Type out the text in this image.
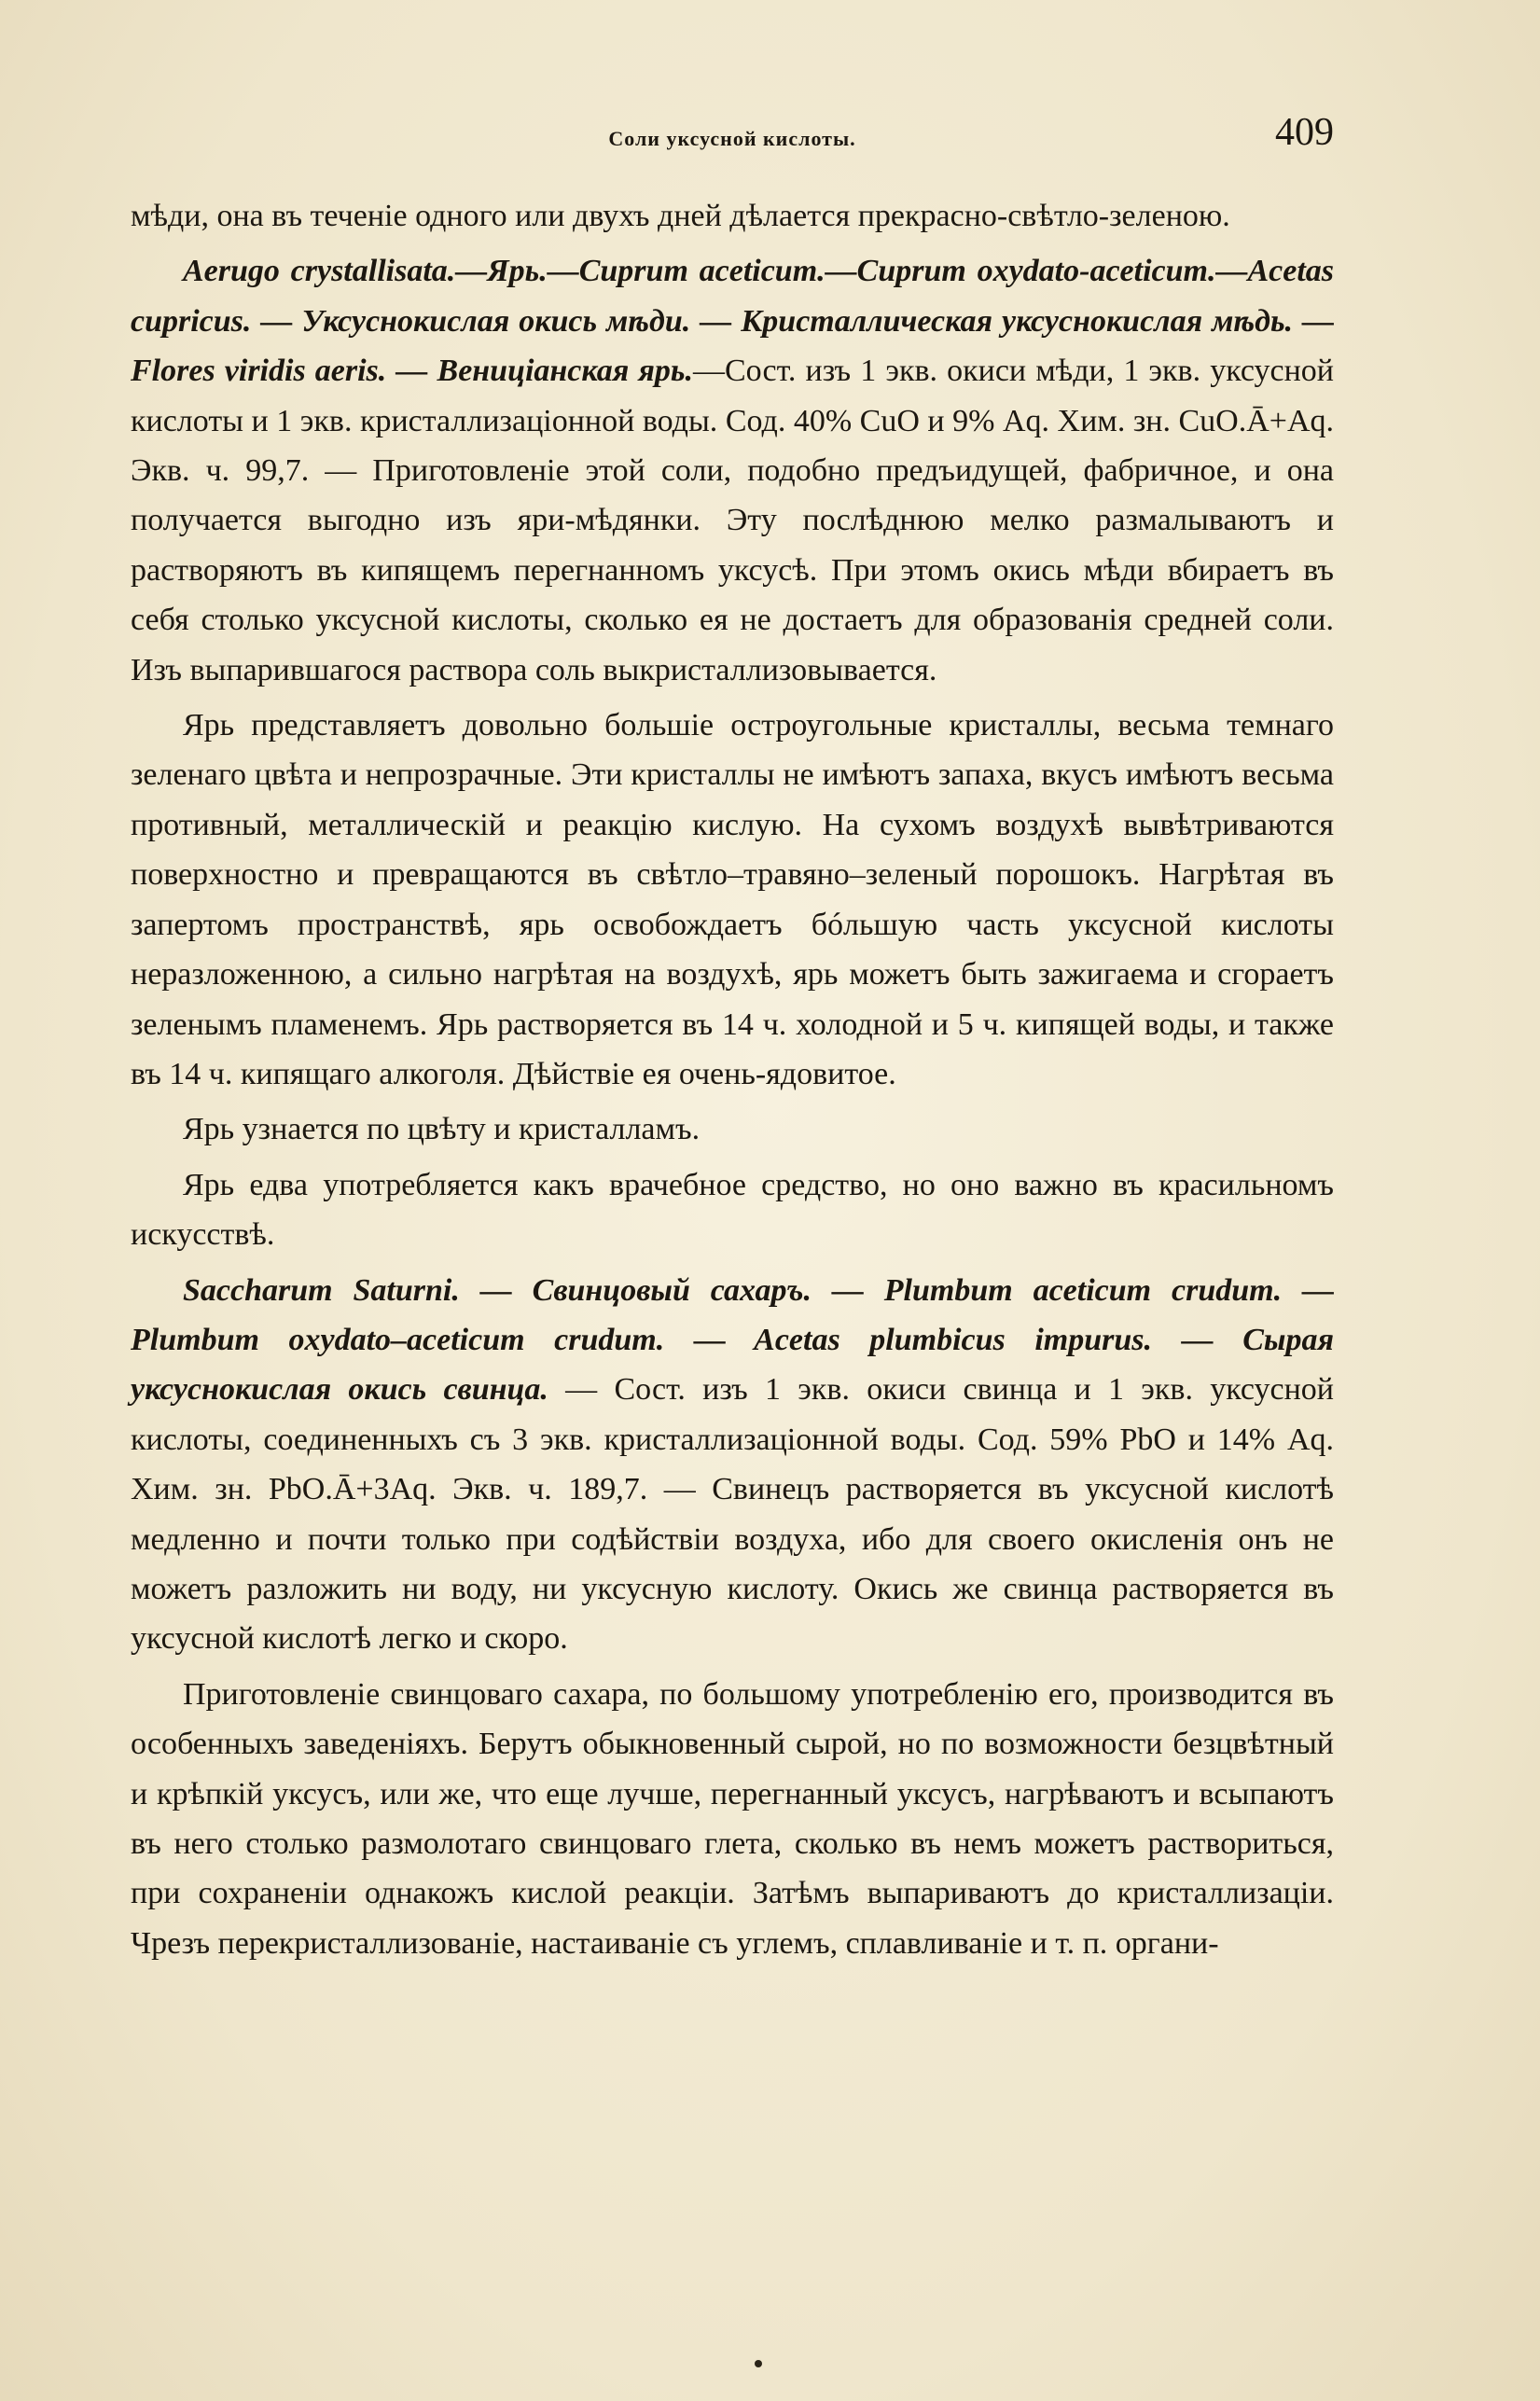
Соли уксусной кислоты.	409

мѣди, она въ теченіе одного или двухъ дней дѣлается прекрасно-свѣтло-зеленою.

Aerugo crystallisata.—Ярь.—Cuprum aceticum.—Cuprum oxydato-aceticum.—Acetas cupricus. — Уксуснокислая окись мѣди. — Кристаллическая уксуснокислая мѣдь. — Flores viridis aeris. — Веницiанская ярь.—Сост. изъ 1 экв. окиси мѣди, 1 экв. уксусной кислоты и 1 экв. кристаллизаціонной воды. Сод. 40% CuO и 9% Aq. Хим. зн. CuO.Ā+Aq. Экв. ч. 99,7. — Приготовленіе этой соли, подобно предъидущей, фабричное, и она получается выгодно изъ яри-мѣдянки. Эту послѣднюю мелко размалываютъ и растворяютъ въ кипящемъ перегнанномъ уксусѣ. При этомъ окись мѣди вбираетъ въ себя столько уксусной кислоты, сколько ея не достаетъ для образованія средней соли. Изъ выпарившагося раствора соль выкристаллизовывается.

Ярь представляетъ довольно большіе остроугольные кристаллы, весьма темнаго зеленаго цвѣта и непрозрачные. Эти кристаллы не имѣютъ запаха, вкусъ имѣютъ весьма противный, металлическій и реакцію кислую. На сухомъ воздухѣ вывѣтриваются поверхностно и превращаются въ свѣтло–травяно–зеленый порошокъ. Нагрѣтая въ запертомъ пространствѣ, ярь освобождаетъ бóльшую часть уксусной кислоты неразложенною, а сильно нагрѣтая на воздухѣ, ярь можетъ быть зажигаема и сгораетъ зеленымъ пламенемъ. Ярь растворяется въ 14 ч. холодной и 5 ч. кипящей воды, и также въ 14 ч. кипящаго алкоголя. Дѣйствіе ея очень-ядовитое.

Ярь узнается по цвѣту и кристалламъ.

Ярь едва употребляется какъ врачебное средство, но оно важно въ красильномъ искусствѣ.

Saccharum Saturni. — Свинцовый сахаръ. — Plumbum aceticum crudum. — Plumbum oxydato–aceticum crudum. — Acetas plumbicus impurus. — Сырая уксуснокислая окись свинца. — Сост. изъ 1 экв. окиси свинца и 1 экв. уксусной кислоты, соединенныхъ съ 3 экв. кристаллизаціонной воды. Сод. 59% PbO и 14% Aq. Хим. зн. PbO.Ā+3Aq. Экв. ч. 189,7. — Свинецъ растворяется въ уксусной кислотѣ медленно и почти только при содѣйствіи воздуха, ибо для своего окисленія онъ не можетъ разложить ни воду, ни уксусную кислоту. Окись же свинца растворяется въ уксусной кислотѣ легко и скоро.

Приготовленіе свинцоваго сахара, по большому употребленію его, производится въ особенныхъ заведеніяхъ. Берутъ обыкновенный сырой, но по возможности безцвѣтный и крѣпкій уксусъ, или же, что еще лучше, перегнанный уксусъ, нагрѣваютъ и всыпаютъ въ него столько размолотаго свинцоваго глета, сколько въ немъ можетъ раствориться, при сохраненіи однакожъ кислой реакціи. Затѣмъ выпариваютъ до кристаллизаціи. Чрезъ перекристаллизованіе, настаиваніе съ углемъ, сплавливаніе и т. п. органи-
